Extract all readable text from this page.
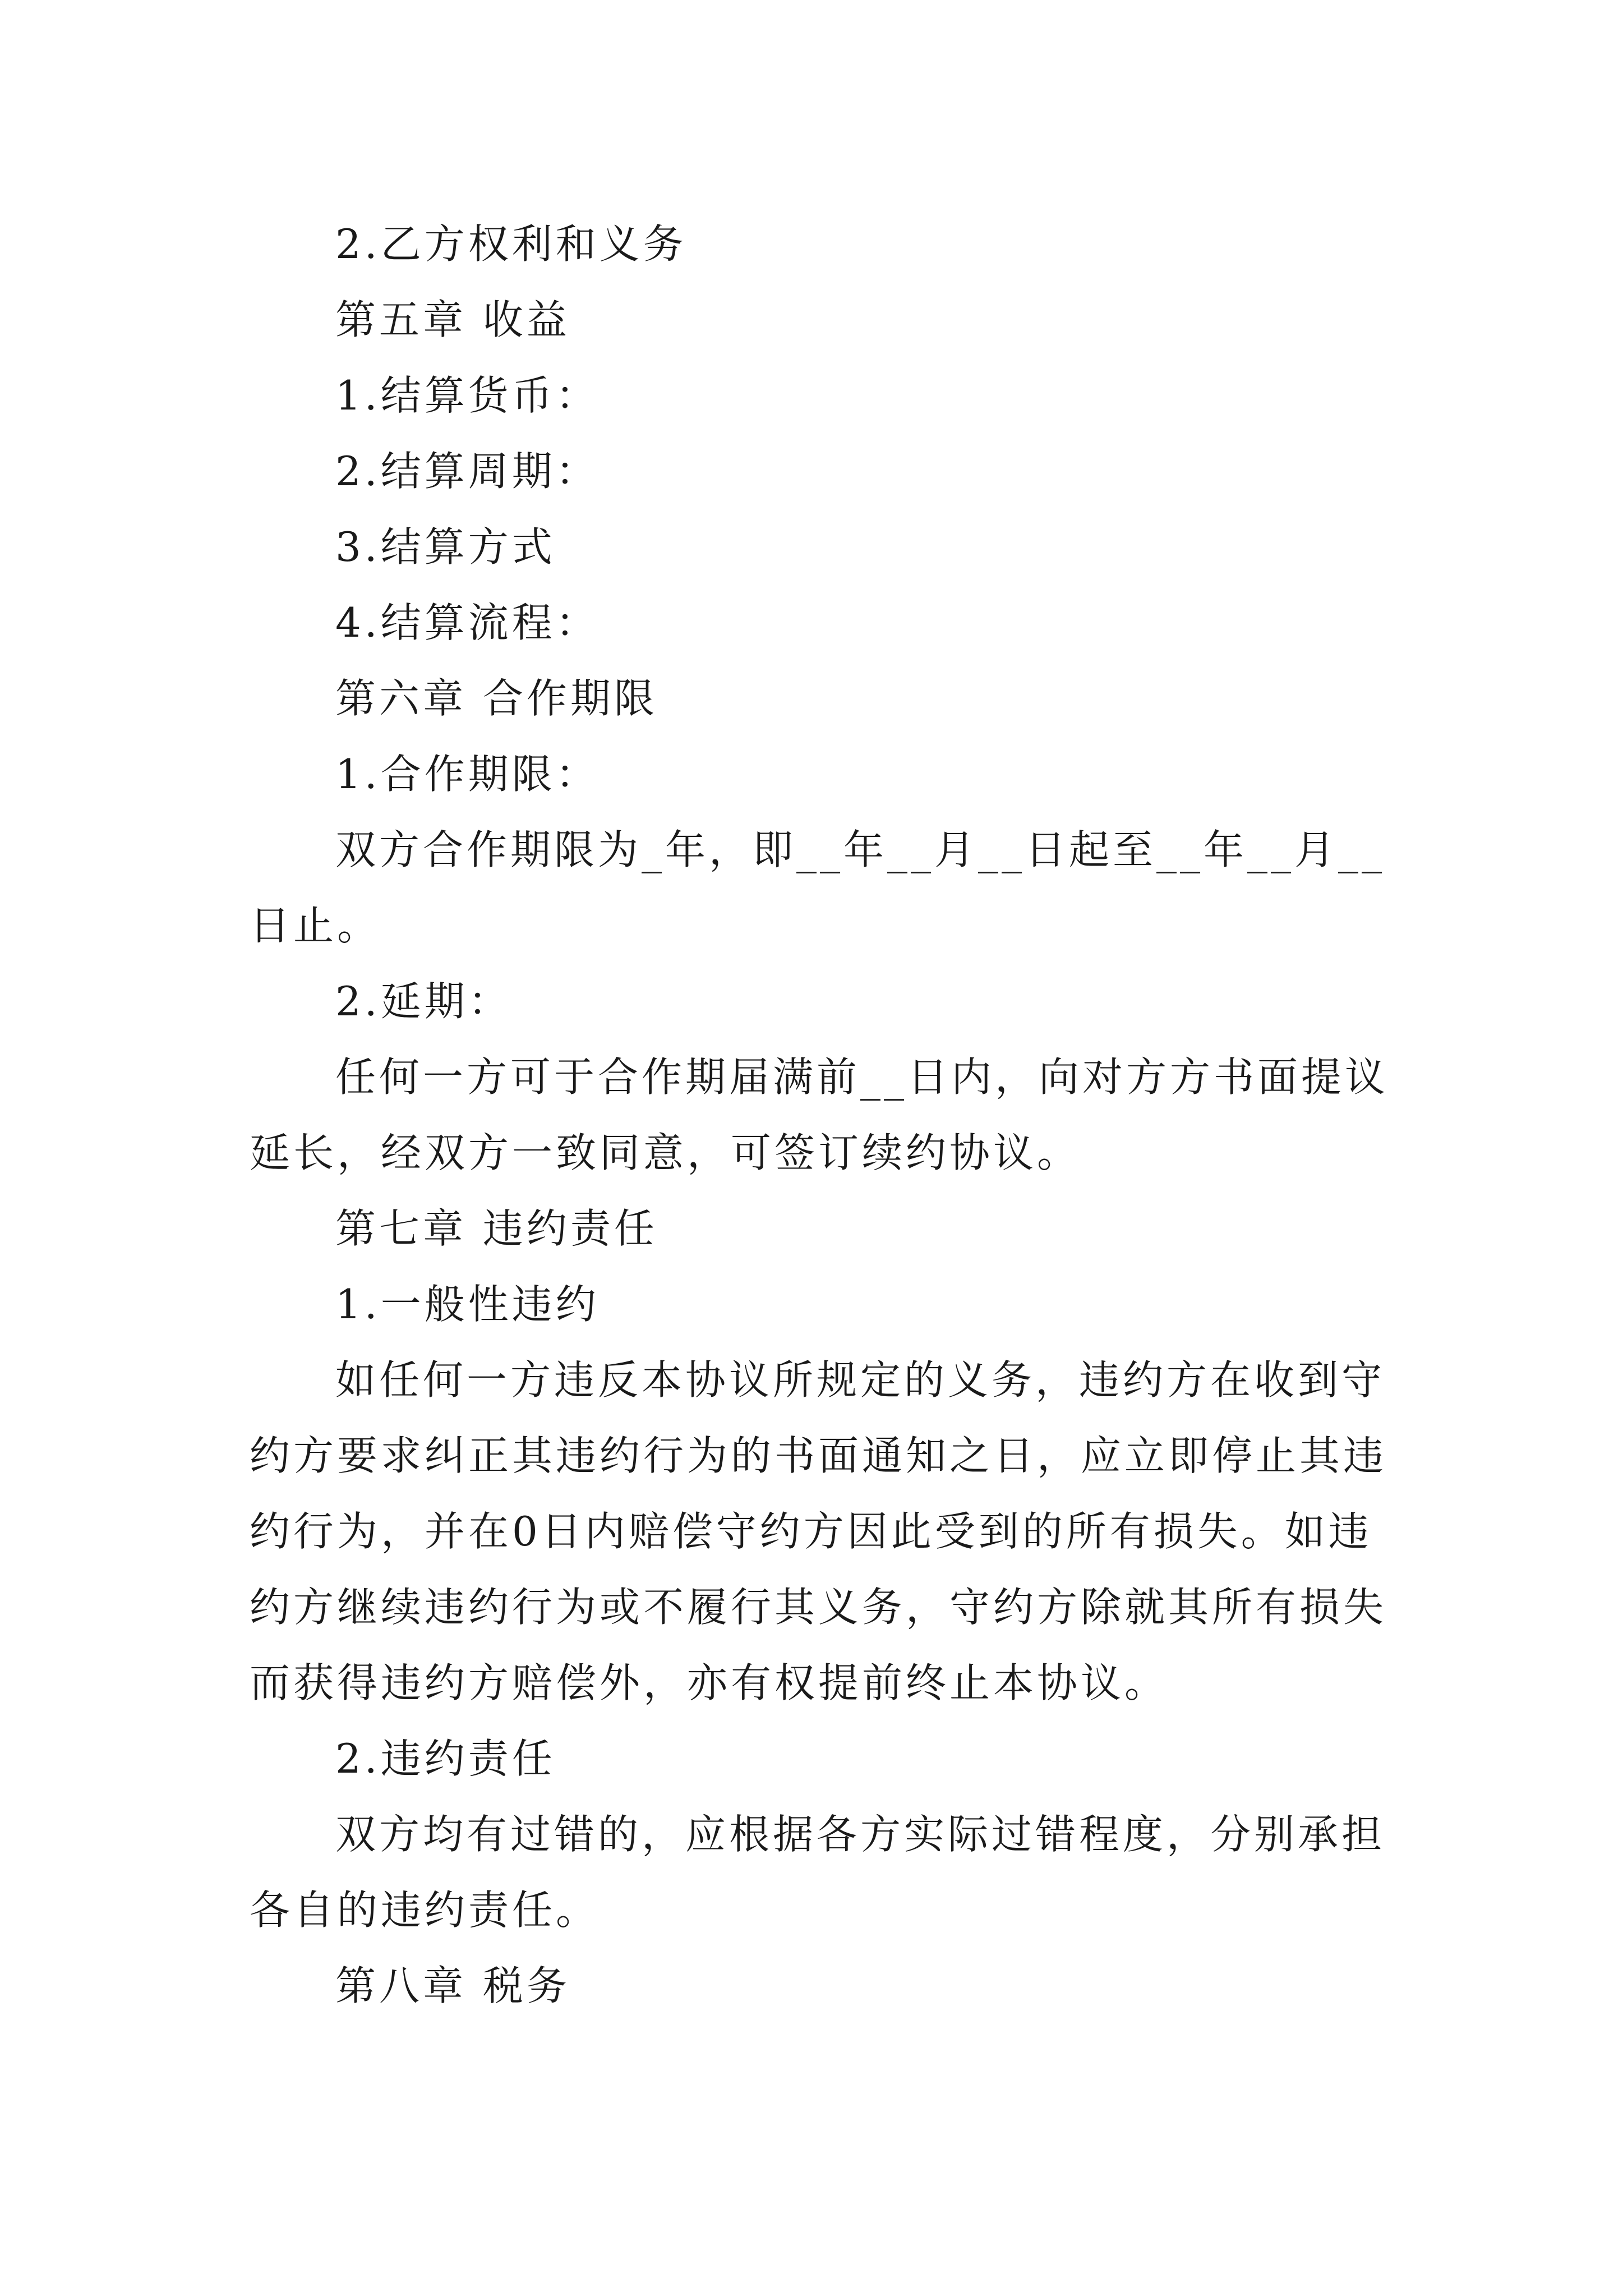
2.乙方权利和义务
第五章 收益
1.结算货币：
2.结算周期：
3.结算方式
4.结算流程：
第六章 合作期限
1.合作期限：
双方合作期限为_年，即__年__月__日起至__年__月__
日止。
2.延期：
任何一方可于合作期届满前__日内，向对方方书面提议
延长，经双方一致同意，可签订续约协议。
第七章 违约责任
1.一般性违约
如任何一方违反本协议所规定的义务，违约方在收到守
约方要求纠正其违约行为的书面通知之日，应立即停止其违
约行为，并在0日内赔偿守约方因此受到的所有损失。如违
约方继续违约行为或不履行其义务，守约方除就其所有损失
而获得违约方赔偿外，亦有权提前终止本协议。
2.违约责任
双方均有过错的，应根据各方实际过错程度，分别承担
各自的违约责任。
第八章 税务
